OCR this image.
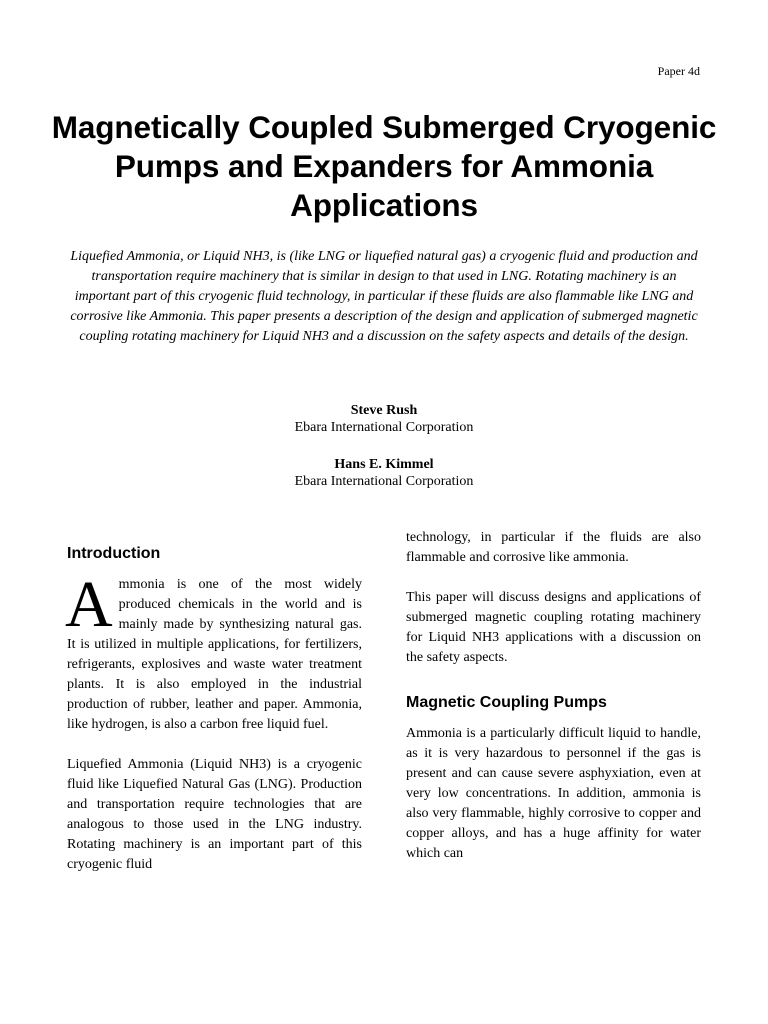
Paper 4d
Magnetically Coupled Submerged Cryogenic Pumps and Expanders for Ammonia Applications

Liquefied Ammonia, or Liquid NH3, is (like LNG or liquefied natural gas) a cryogenic fluid and production and transportation require machinery that is similar in design to that used in LNG. Rotating machinery is an important part of this cryogenic fluid technology, in particular if these fluids are also flammable like LNG and corrosive like Ammonia. This paper presents a description of the design and application of submerged magnetic coupling rotating machinery for Liquid NH3 and a discussion on the safety aspects and details of the design.

Steve Rush
Ebara International Corporation
Hans E. Kimmel
Ebara International Corporation
Introduction

Ammonia is one of the most widely produced chemicals in the world and is mainly made by synthesizing natural gas. It is utilized in multiple applications, for fertilizers, refrigerants, explosives and waste water treatment plants. It is also employed in the industrial production of rubber, leather and paper. Ammonia, like hydrogen, is also a carbon free liquid fuel.

Liquefied Ammonia (Liquid NH3) is a cryogenic fluid like Liquefied Natural Gas (LNG). Production and transportation require technologies that are analogous to those used in the LNG industry. Rotating machinery is an important part of this cryogenic fluid

technology, in particular if the fluids are also flammable and corrosive like ammonia.

This paper will discuss designs and applications of submerged magnetic coupling rotating machinery for Liquid NH3 applications with a discussion on the safety aspects.

Magnetic Coupling Pumps

Ammonia is a particularly difficult liquid to handle, as it is very hazardous to personnel if the gas is present and can cause severe asphyxiation, even at very low concentrations. In addition, ammonia is also very flammable, highly corrosive to copper and copper alloys, and has a huge affinity for water which can
